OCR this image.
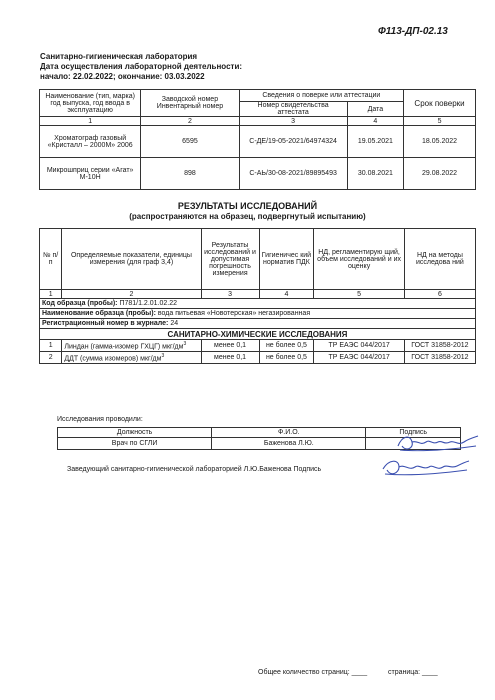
Ф113-ДП-02.13
Санитарно-гигиеническая лаборатория
Дата осуществления лабораторной деятельности:
начало: 22.02.2022; окончание: 03.03.2022
Наименование (тип, марка) год выпуска, год ввода в эксплуатацию	Заводской номер Инвентарный номер	Сведения о поверке или аттестации		Срок поверки
		Номер свидетельства аттестата	Дата	
1	2	3	4	5
Хроматограф газовый «Кристалл – 2000М» 2006	6595	С-ДЕ/19-05-2021/64974324	19.05.2021	18.05.2022
Микрошприц серии «Агат» М-10Н	898	С-АЬ/30-08-2021/89895493	30.08.2021	29.08.2022
РЕЗУЛЬТАТЫ ИССЛЕДОВАНИЙ
(распространяются на образец, подвергнутый испытанию)
№ п/п	Определяемые показатели, единицы измерения (для граф 3,4)	Результаты исследований и допустимая погрешность измерения	Гигиеничес кий норматив ПДК	НД, регламентирую щий, объем исследований и их оценку	НД на методы исследова ний
1	2	3	4	5	6
Код образца (пробы): П781/1.2.01.02.22					
Наименование образца (пробы): вода питьевая «Новотерская» негазированная					
Регистрационный номер в журнале: 24					
САНИТАРНО-ХИМИЧЕСКИЕ ИССЛЕДОВАНИЯ					
1	Линдан (гамма-изомер ГХЦГ) мкг/$дм^3$	менее 0,1	не более 0,5	ТР ЕАЭС 044/2017	ГОСТ 31858-2012
2	ДДТ (сумма изомеров) мкг/$дм^3$	менее 0,1	не более 0,5	ТР ЕАЭС 044/2017	ГОСТ 31858-2012
Исследования проводили:
Должность	Ф.И.О.	Подпись
Врач по СГЛИ	Баженова Л.Ю.	
Заведующий санитарно-гигиенической лабораторией Л.Ю.Баженова Подпись
Общее количество страниц: ____	страница: ____
